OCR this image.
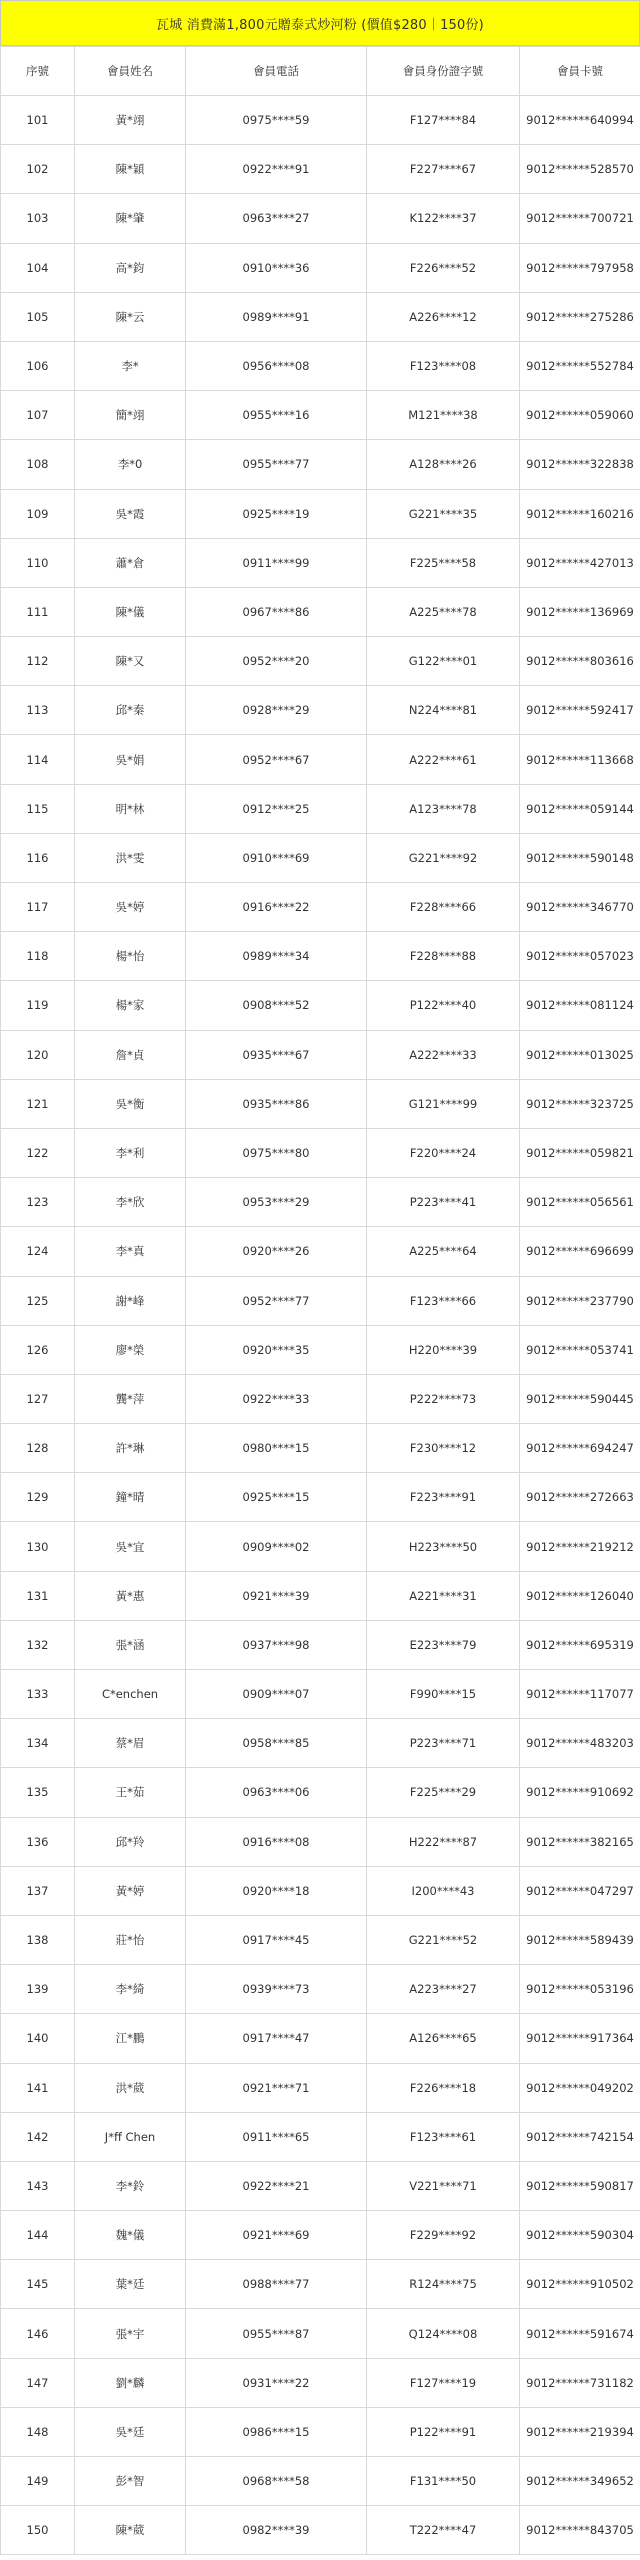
瓦城 消費滿1,800元贈泰式炒河粉 (價值$280｜150份)
序號	會員姓名	會員電話	會員身份證字號	會員卡號
101	黃*翊	0975****59	F127****84	9012******640994
102	陳*穎	0922****91	F227****67	9012******528570
103	陳*肇	0963****27	K122****37	9012******700721
104	高*鈞	0910****36	F226****52	9012******797958
105	陳*云	0989****91	A226****12	9012******275286
106	李*	0956****08	F123****08	9012******552784
107	簡*翊	0955****16	M121****38	9012******059060
108	李*0	0955****77	A128****26	9012******322838
109	吳*霞	0925****19	G221****35	9012******160216
110	蕭*倉	0911****99	F225****58	9012******427013
111	陳*儀	0967****86	A225****78	9012******136969
112	陳*又	0952****20	G122****01	9012******803616
113	邱*秦	0928****29	N224****81	9012******592417
114	吳*娟	0952****67	A222****61	9012******113668
115	明*林	0912****25	A123****78	9012******059144
116	洪*雯	0910****69	G221****92	9012******590148
117	吳*婷	0916****22	F228****66	9012******346770
118	楊*怡	0989****34	F228****88	9012******057023
119	楊*家	0908****52	P122****40	9012******081124
120	詹*貞	0935****67	A222****33	9012******013025
121	吳*衡	0935****86	G121****99	9012******323725
122	李*利	0975****80	F220****24	9012******059821
123	李*欣	0953****29	P223****41	9012******056561
124	李*真	0920****26	A225****64	9012******696699
125	謝*峰	0952****77	F123****66	9012******237790
126	廖*榮	0920****35	H220****39	9012******053741
127	龔*萍	0922****33	P222****73	9012******590445
128	許*琳	0980****15	F230****12	9012******694247
129	鐘*晴	0925****15	F223****91	9012******272663
130	吳*宜	0909****02	H223****50	9012******219212
131	黃*惠	0921****39	A221****31	9012******126040
132	張*涵	0937****98	E223****79	9012******695319
133	C*enchen	0909****07	F990****15	9012******117077
134	蔡*眉	0958****85	P223****71	9012******483203
135	王*茹	0963****06	F225****29	9012******910692
136	邱*羚	0916****08	H222****87	9012******382165
137	黃*婷	0920****18	I200****43	9012******047297
138	莊*怡	0917****45	G221****52	9012******589439
139	李*綺	0939****73	A223****27	9012******053196
140	江*鵬	0917****47	A126****65	9012******917364
141	洪*葳	0921****71	F226****18	9012******049202
142	J*ff Chen	0911****65	F123****61	9012******742154
143	李*鈴	0922****21	V221****71	9012******590817
144	魏*儀	0921****69	F229****92	9012******590304
145	葉*廷	0988****77	R124****75	9012******910502
146	張*宇	0955****87	Q124****08	9012******591674
147	劉*麟	0931****22	F127****19	9012******731182
148	吳*廷	0986****15	P122****91	9012******219394
149	彭*智	0968****58	F131****50	9012******349652
150	陳*葳	0982****39	T222****47	9012******843705
